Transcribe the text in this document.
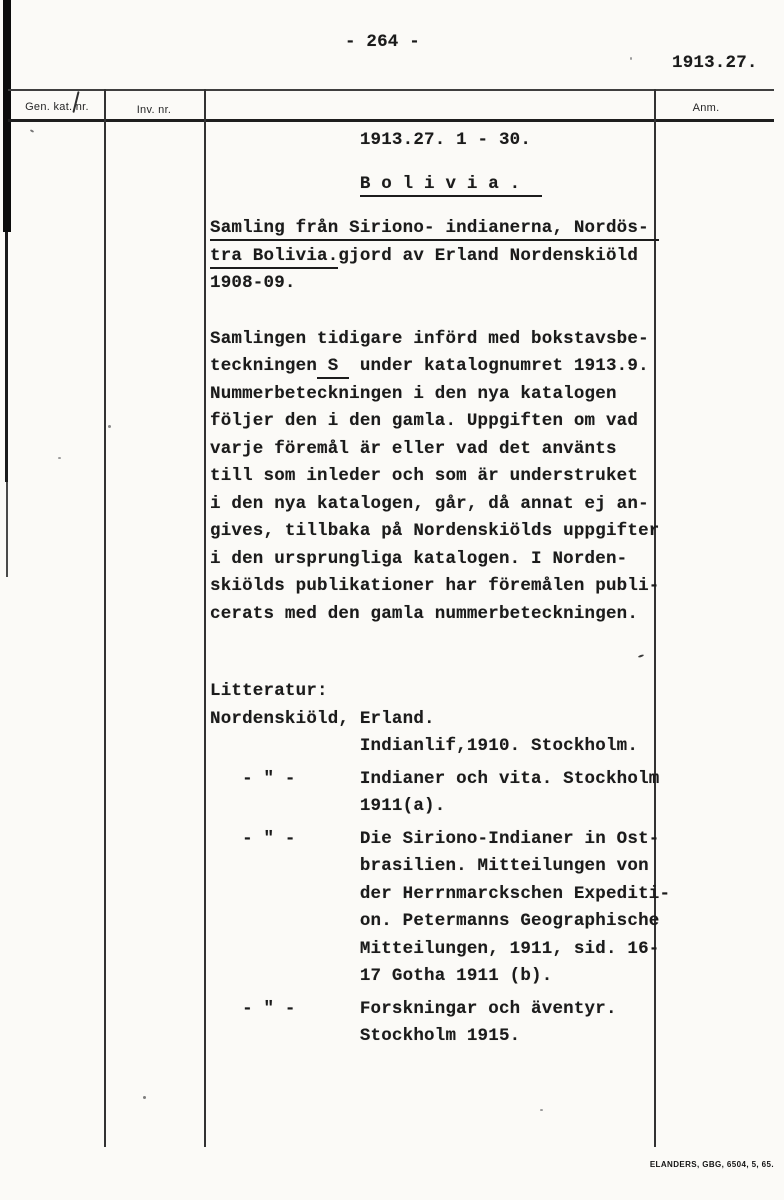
- 264 -
1913.27.
Gen. kat. nr.	Inv. nr.	Anm.
1913.27. 1 - 30.
B o l i v i a .
Samling från Siriono- indianerna, Nordös-
tra Bolivia.gjord av Erland Nordenskiöld
1908-09.
Samlingen tidigare införd med bokstavsbe-
teckningen S  under katalognumret 1913.9.
Nummerbeteckningen i den nya katalogen
följer den i den gamla. Uppgiften om vad
varje föremål är eller vad det använts
till som inleder och som är understruket
i den nya katalogen, går, då annat ej an-
gives, tillbaka på Nordenskiölds uppgifter
i den ursprungliga katalogen. I Norden-
skiölds publikationer har föremålen publi-
cerats med den gamla nummerbeteckningen.
Litteratur:
Nordenskiöld, Erland.
Indianlif,1910. Stockholm.
- " -      Indianer och vita. Stockholm
1911(a).
- " -      Die Siriono-Indianer in Ost-
brasilien. Mitteilungen von
der Herrnmarckschen Expediti-
on. Petermanns Geographische
Mitteilungen, 1911, sid. 16-
17 Gotha 1911 (b).
- " -      Forskningar och äventyr.
Stockholm 1915.
ELANDERS, GBG, 6504, 5, 65.
